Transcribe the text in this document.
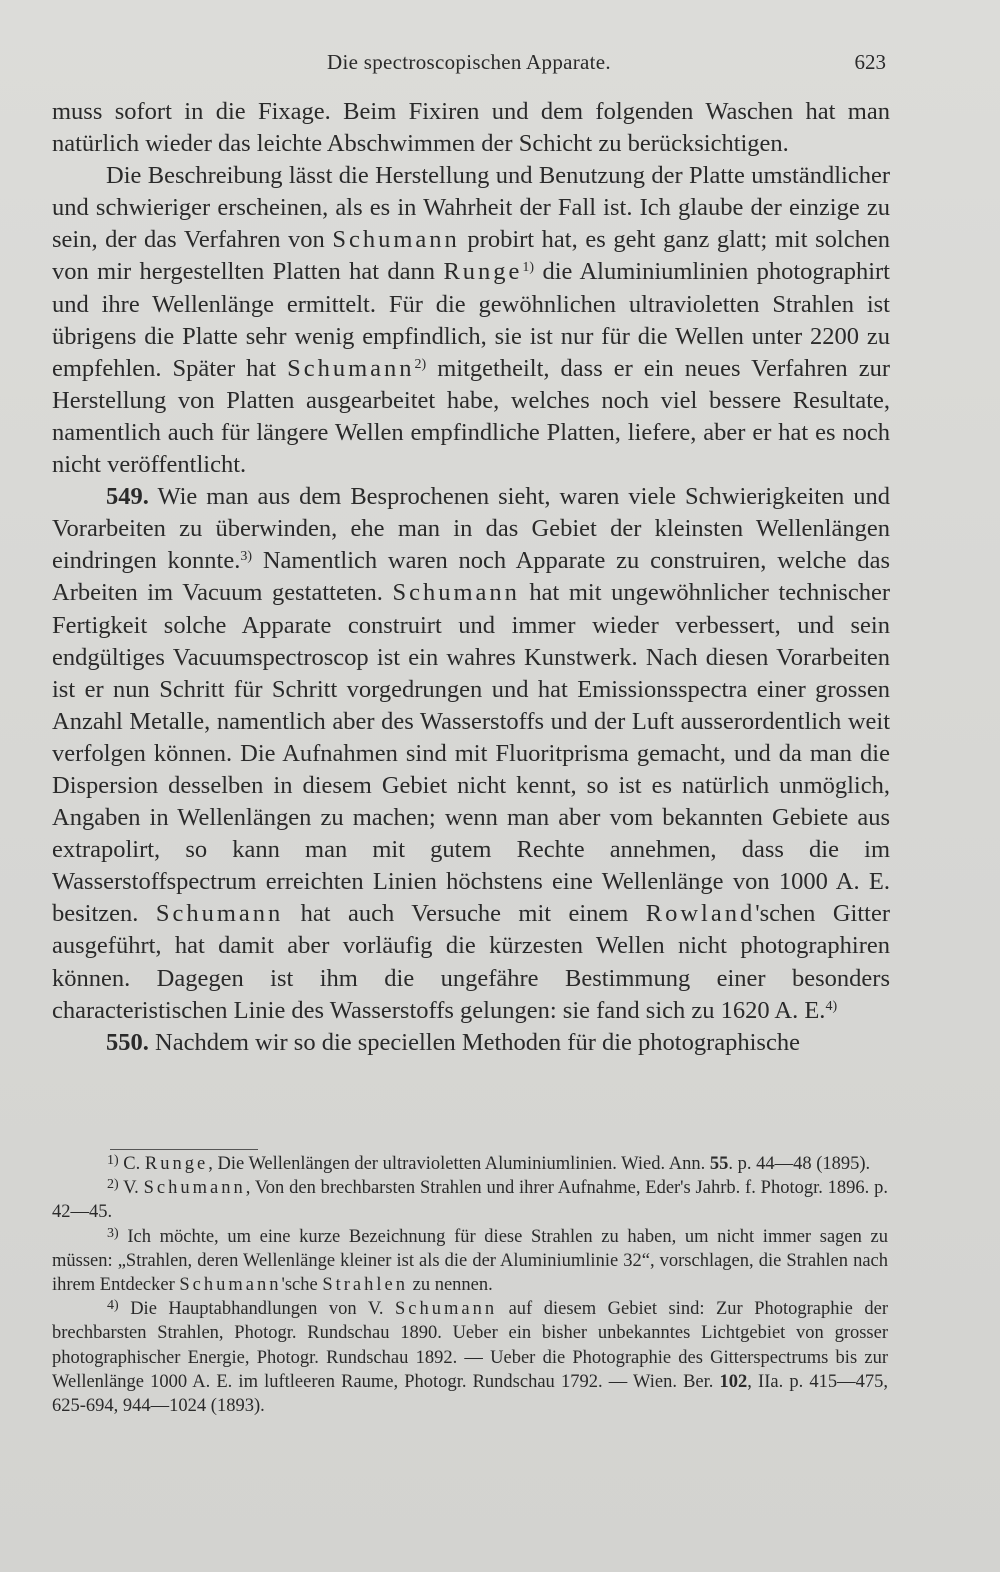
Die spectroscopischen Apparate.	623

muss sofort in die Fixage. Beim Fixiren und dem folgenden Waschen hat man natürlich wieder das leichte Abschwimmen der Schicht zu berücksichtigen.

Die Beschreibung lässt die Herstellung und Benutzung der Platte umständlicher und schwieriger erscheinen, als es in Wahrheit der Fall ist. Ich glaube der einzige zu sein, der das Verfahren von Schumann probirt hat, es geht ganz glatt; mit solchen von mir hergestellten Platten hat dann Runge$^{1)}$ die Aluminiumlinien photographirt und ihre Wellenlänge ermittelt. Für die gewöhnlichen ultravioletten Strahlen ist übrigens die Platte sehr wenig empfindlich, sie ist nur für die Wellen unter 2200 zu empfehlen. Später hat Schumann$^{2)}$ mitgetheilt, dass er ein neues Verfahren zur Herstellung von Platten ausgearbeitet habe, welches noch viel bessere Resultate, namentlich auch für längere Wellen empfindliche Platten, liefere, aber er hat es noch nicht veröffentlicht.

549. Wie man aus dem Besprochenen sieht, waren viele Schwierigkeiten und Vorarbeiten zu überwinden, ehe man in das Gebiet der kleinsten Wellenlängen eindringen konnte.$^{3)}$ Namentlich waren noch Apparate zu construiren, welche das Arbeiten im Vacuum gestatteten. Schumann hat mit ungewöhnlicher technischer Fertigkeit solche Apparate construirt und immer wieder verbessert, und sein endgültiges Vacuumspectroscop ist ein wahres Kunstwerk. Nach diesen Vorarbeiten ist er nun Schritt für Schritt vorgedrungen und hat Emissionsspectra einer grossen Anzahl Metalle, namentlich aber des Wasserstoffs und der Luft ausserordentlich weit verfolgen können. Die Aufnahmen sind mit Fluoritprisma gemacht, und da man die Dispersion desselben in diesem Gebiet nicht kennt, so ist es natürlich unmöglich, Angaben in Wellenlängen zu machen; wenn man aber vom bekannten Gebiete aus extrapolirt, so kann man mit gutem Rechte annehmen, dass die im Wasserstoffspectrum erreichten Linien höchstens eine Wellenlänge von 1000 A. E. besitzen. Schumann hat auch Versuche mit einem Rowland'schen Gitter ausgeführt, hat damit aber vorläufig die kürzesten Wellen nicht photographiren können. Dagegen ist ihm die ungefähre Bestimmung einer besonders characteristischen Linie des Wasserstoffs gelungen: sie fand sich zu 1620 A. E.$^{4)}$

550. Nachdem wir so die speciellen Methoden für die photographische

$^{1)}$ C. Runge, Die Wellenlängen der ultravioletten Aluminiumlinien. Wied. Ann. 55. p. 44—48 (1895).

$^{2)}$ V. Schumann, Von den brechbarsten Strahlen und ihrer Aufnahme, Eder's Jahrb. f. Photogr. 1896. p. 42—45.

$^{3)}$ Ich möchte, um eine kurze Bezeichnung für diese Strahlen zu haben, um nicht immer sagen zu müssen: „Strahlen, deren Wellenlänge kleiner ist als die der Aluminiumlinie 32“, vorschlagen, die Strahlen nach ihrem Entdecker Schumann'sche Strahlen zu nennen.

$^{4)}$ Die Hauptabhandlungen von V. Schumann auf diesem Gebiet sind: Zur Photographie der brechbarsten Strahlen, Photogr. Rundschau 1890. Ueber ein bisher unbekanntes Lichtgebiet von grosser photographischer Energie, Photogr. Rundschau 1892. — Ueber die Photographie des Gitterspectrums bis zur Wellenlänge 1000 A. E. im luftleeren Raume, Photogr. Rundschau 1792. — Wien. Ber. 102, IIa. p. 415—475, 625-694, 944—1024 (1893).
